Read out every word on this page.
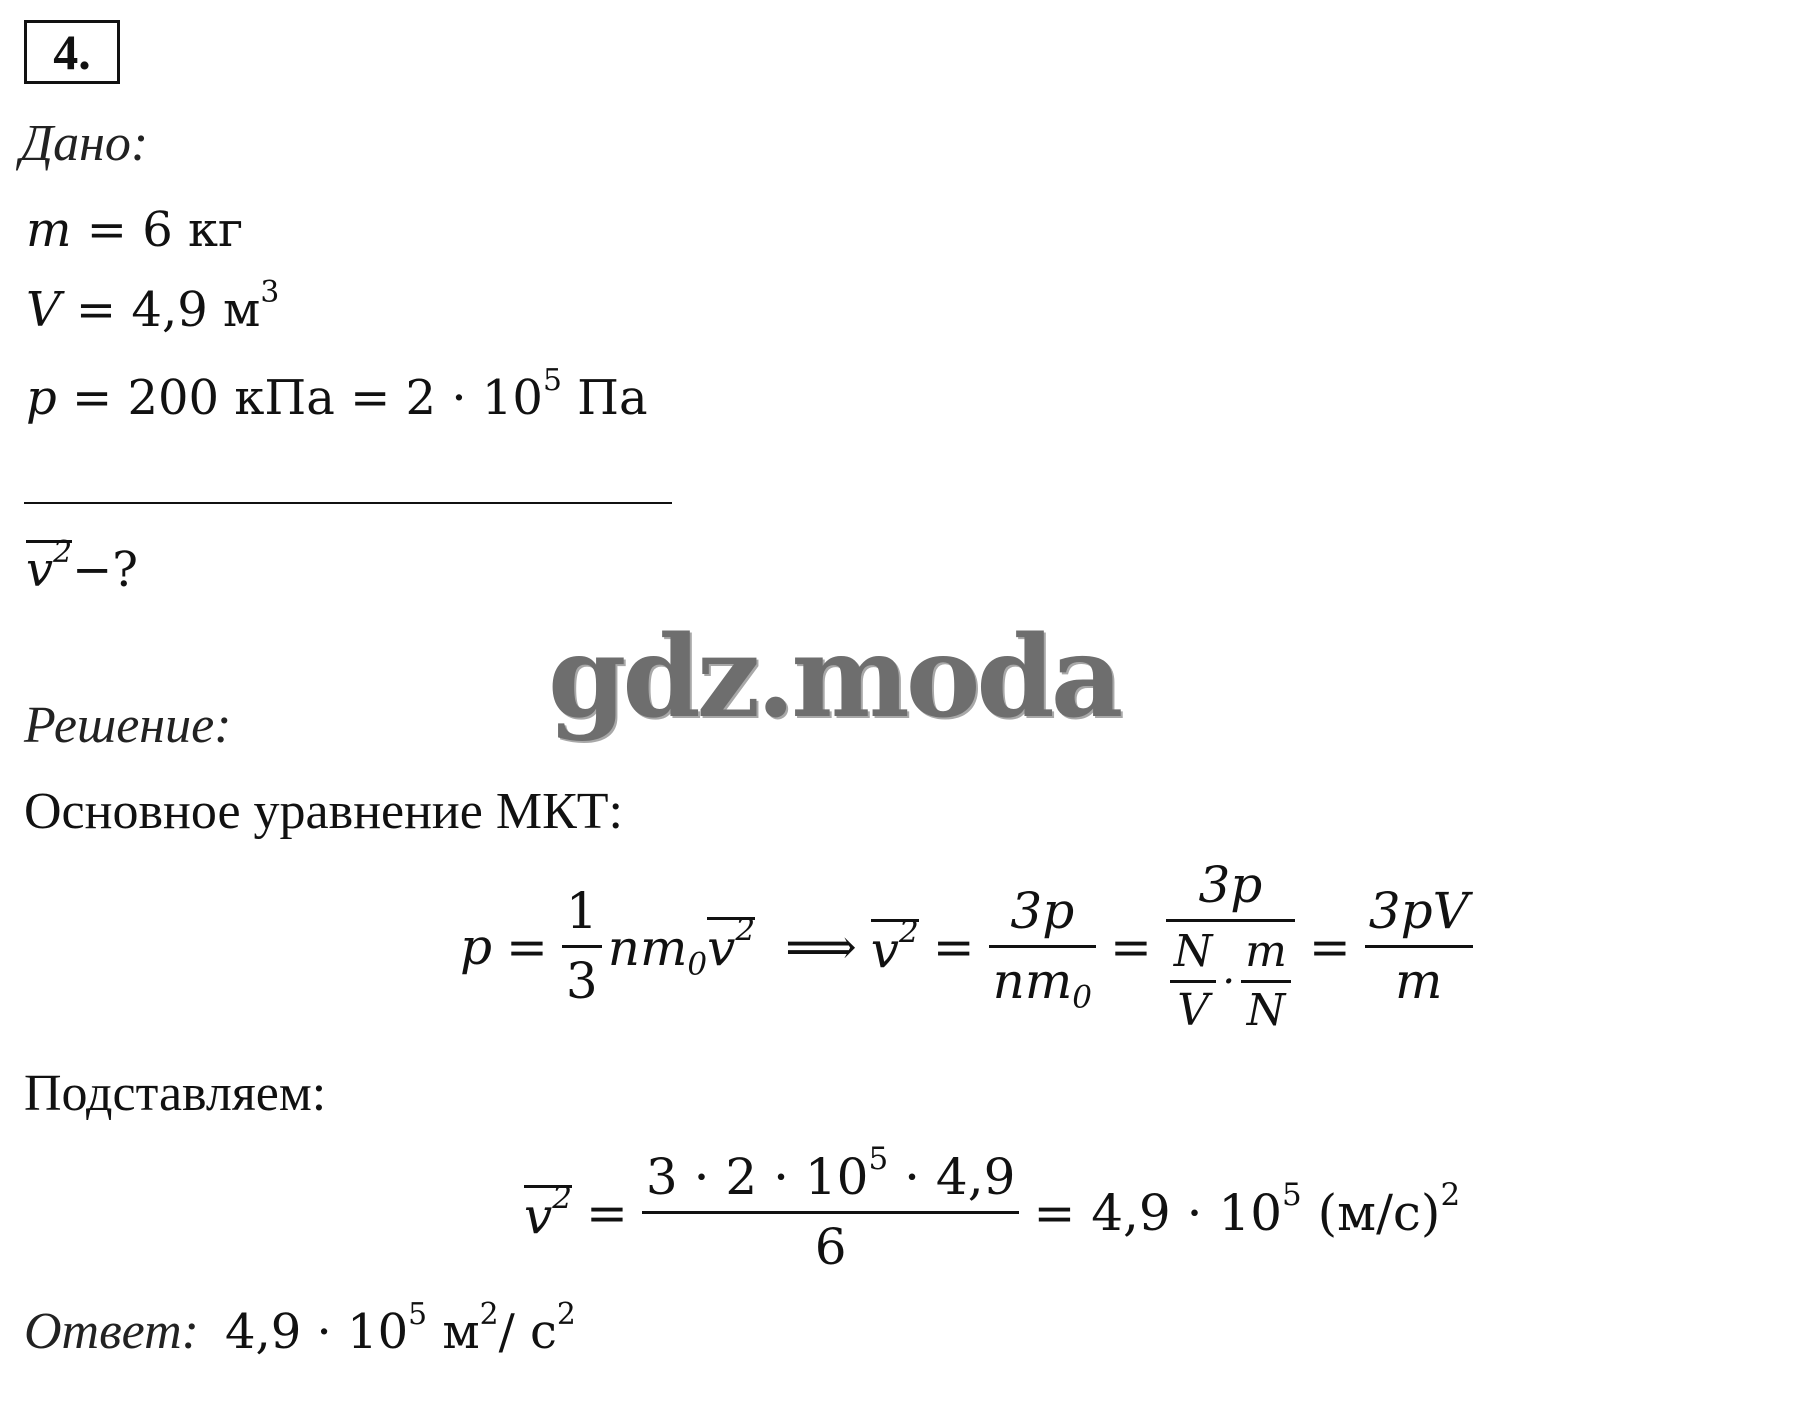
4.
Дано:
m = 6 кг
V = 4,9 $м^3$
p = 200 кПа = $2 \cdot 10^5$ Па
$v^2-$?
gdz.moda
Решение:
Основное уравнение МКТ:
$p = \frac{1}{3} nm_0v^2$ ⟹ $v^2 = \frac{3p}{nm_0} = \frac{3p}{\frac{N}{V} \cdot \frac{m}{N}} = \frac{3pV}{m}$
Подставляем:
$v^2 = \frac{3 \cdot 2 \cdot 10^5 \cdot 4,9}{6} = 4,9 \cdot 10^5$ $(м/с)^2$
Ответ: $4,9 \cdot 10^5$ $м^2/$ $с^2$
